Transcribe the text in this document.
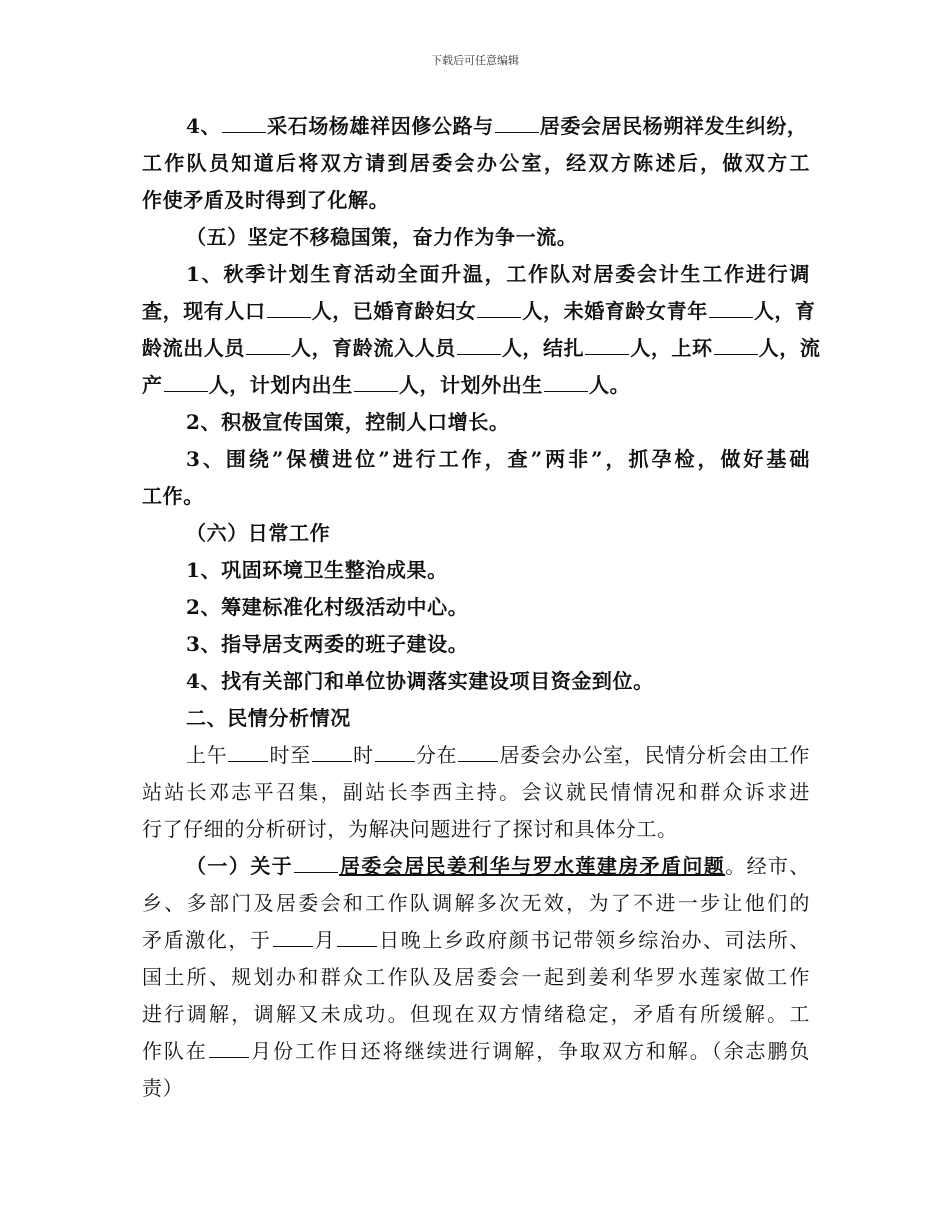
下载后可任意编辑
4、 采石场杨雄祥因修公路与 居委会居民杨朔祥发生纠纷，
工作队员知道后将双方请到居委会办公室，经双方陈述后，做双方工
作使矛盾及时得到了化解。
（五）坚定不移稳国策，奋力作为争一流。
1、秋季计划生育活动全面升温，工作队对居委会计生工作进行调
查，现有人口 人，已婚育龄妇女 人，未婚育龄女青年 人，育
龄流出人员 人，育龄流入人员 人，结扎 人，上环 人，流
产 人，计划内出生 人，计划外出生 人。
2、积极宣传国策，控制人口增长。
3、围绕”保横进位”进行工作，查”两非”，抓孕检，做好基础
工作。
（六）日常工作
1、巩固环境卫生整治成果。
2、筹建标准化村级活动中心。
3、指导居支两委的班子建设。
4、找有关部门和单位协调落实建设项目资金到位。
二、民情分析情况
上午 时至 时 分在 居委会办公室，民情分析会由工作
站站长邓志平召集，副站长李西主持。会议就民情情况和群众诉求进
行了仔细的分析研讨，为解决问题进行了探讨和具体分工。
（一）关于 居委会居民姜利华与罗水莲建房矛盾问题。经市、
乡、多部门及居委会和工作队调解多次无效，为了不进一步让他们的
矛盾激化，于 月 日晚上乡政府颜书记带领乡综治办、司法所、
国土所、规划办和群众工作队及居委会一起到姜利华罗水莲家做工作
进行调解，调解又未成功。但现在双方情绪稳定，矛盾有所缓解。工
作队在 月份工作日还将继续进行调解，争取双方和解。（余志鹏负
责）
